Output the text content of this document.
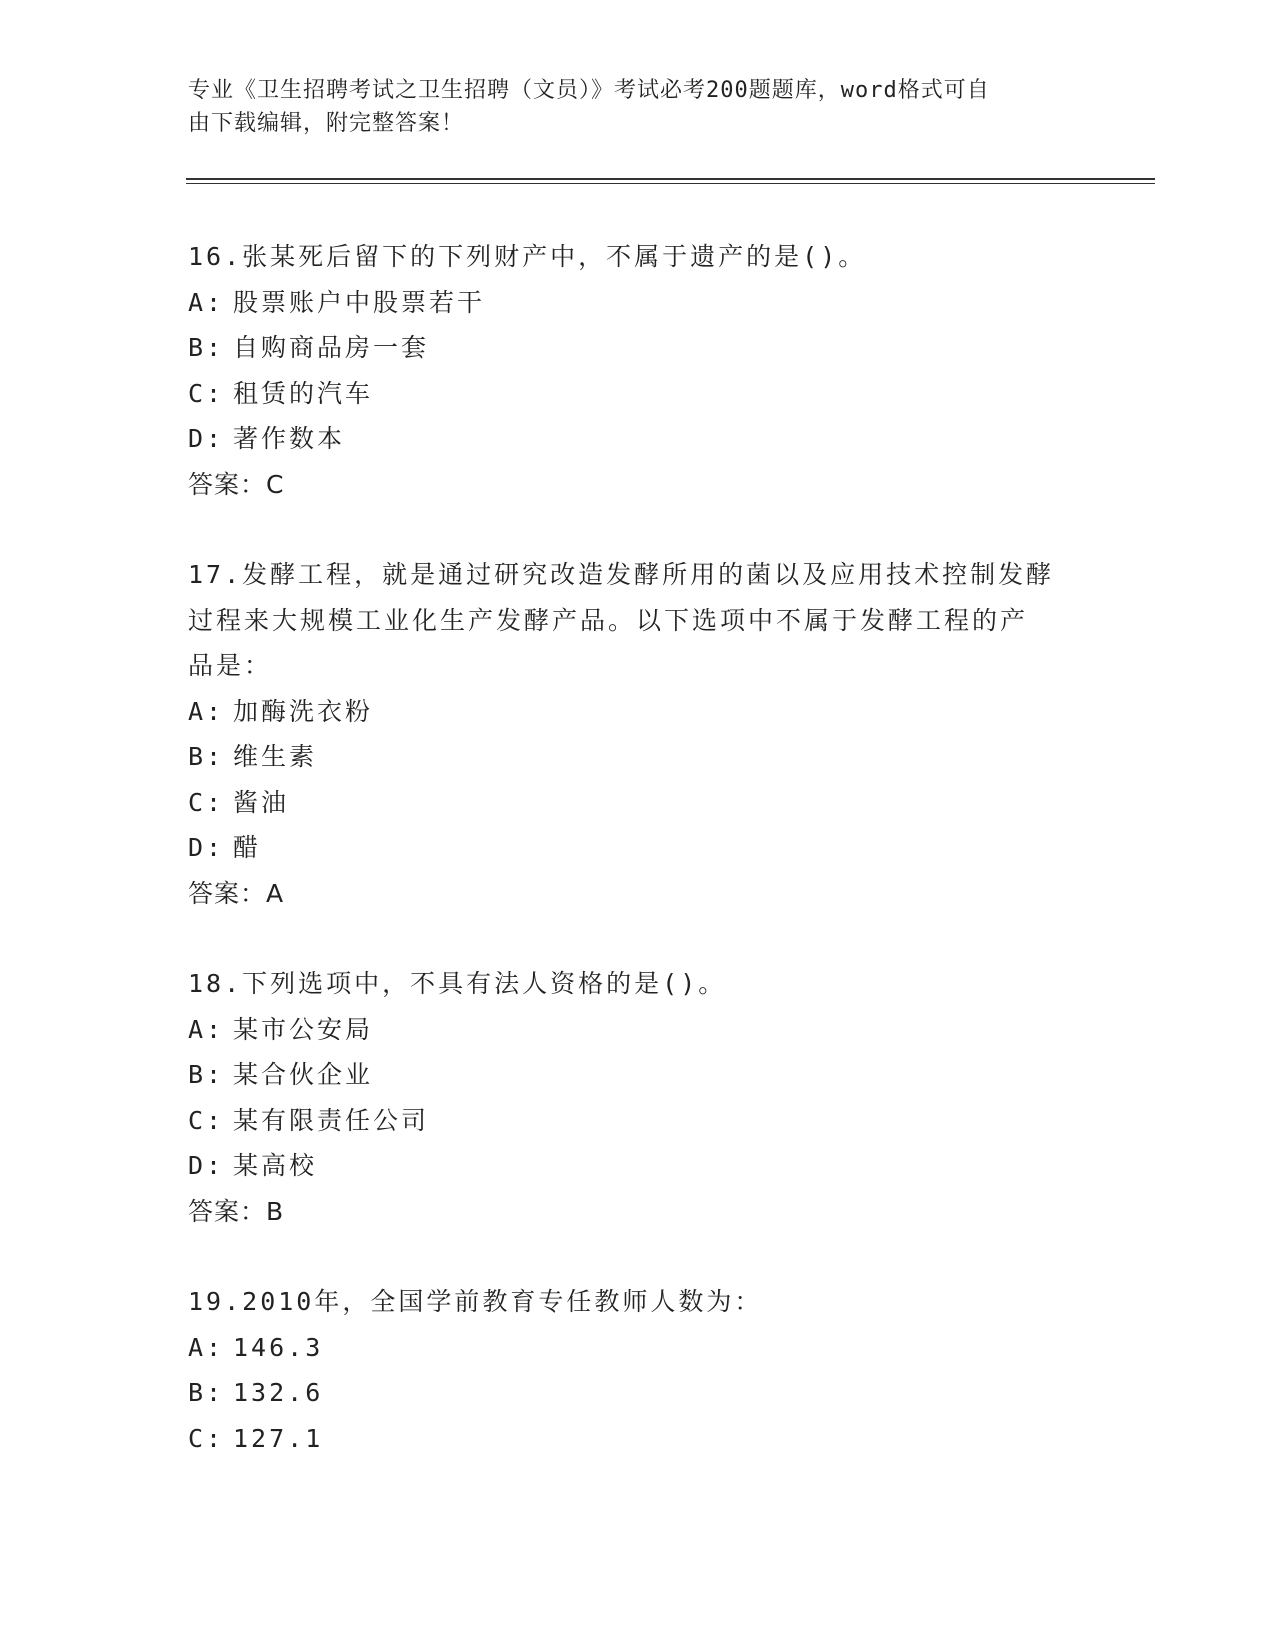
专业《卫生招聘考试之卫生招聘（文员）》考试必考200题题库，word格式可自
由下载编辑，附完整答案！
16.张某死后留下的下列财产中，不属于遗产的是()。
A: 股票账户中股票若干
B: 自购商品房一套
C: 租赁的汽车
D: 著作数本
答案：C
17.发酵工程，就是通过研究改造发酵所用的菌以及应用技术控制发酵
过程来大规模工业化生产发酵产品。以下选项中不属于发酵工程的产
品是：
A: 加酶洗衣粉
B: 维生素
C: 酱油
D: 醋
答案：A
18.下列选项中，不具有法人资格的是()。
A: 某市公安局
B: 某合伙企业
C: 某有限责任公司
D: 某高校
答案：B
19.2010年，全国学前教育专任教师人数为：
A: 146.3
B: 132.6
C: 127.1
